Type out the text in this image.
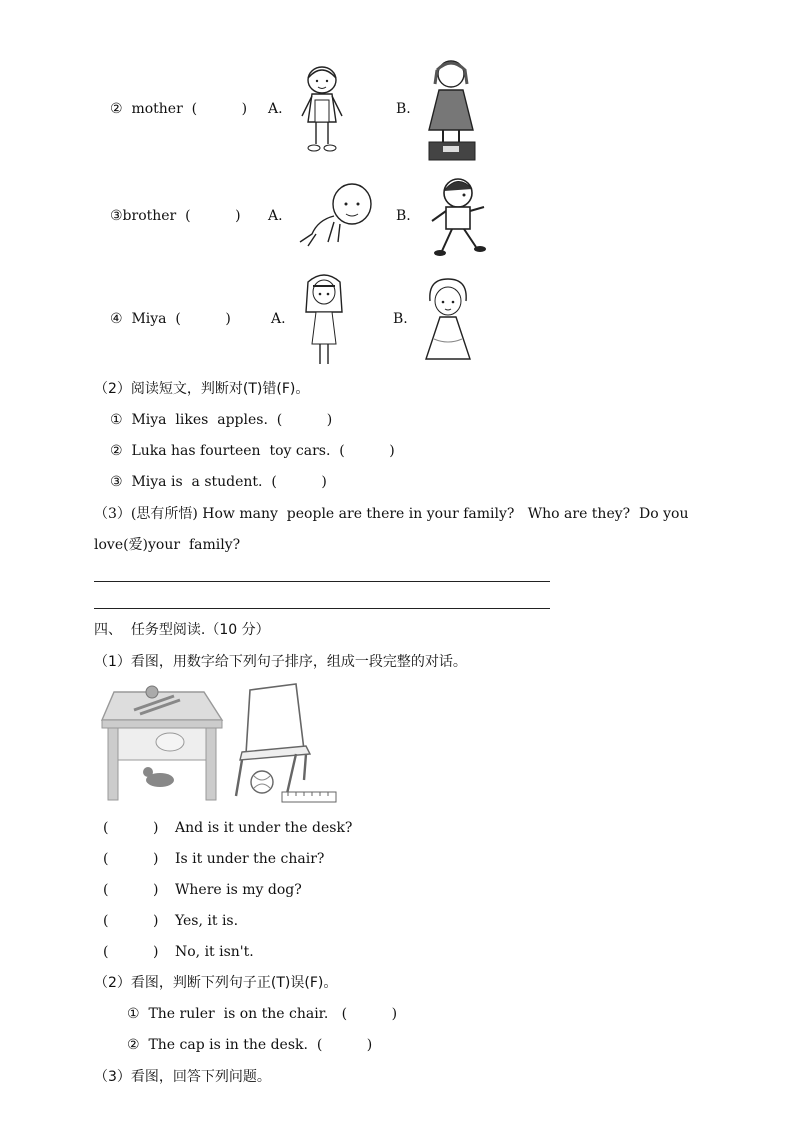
②  mother  (          ) A.	B.
③brother  (          ) A.	B.
④  Miya  (          )	A.	B.
（2）阅读短文，判断对(T)错(F)。
①  Miya  likes  apples.  (          )
②  Luka has fourteen  toy cars.  (          )
③  Miya is  a student.  (          )
（3）(思有所悟) How many  people are there in your family?   Who are they?  Do you
love(爱)your  family?
四、  任务型阅读.（10 分）
（1）看图，用数字给下列句子排序，组成一段完整的对话。
(          ) And is it under the desk?
(          ) Is it under the chair?
(          ) Where is my dog?
(          ) Yes, it is.
(          ) No, it isn't.
（2）看图，判断下列句子正(T)误(F)。
①  The ruler  is on the chair.   (          )
②  The cap is in the desk.  (          )
（3）看图，回答下列问题。
